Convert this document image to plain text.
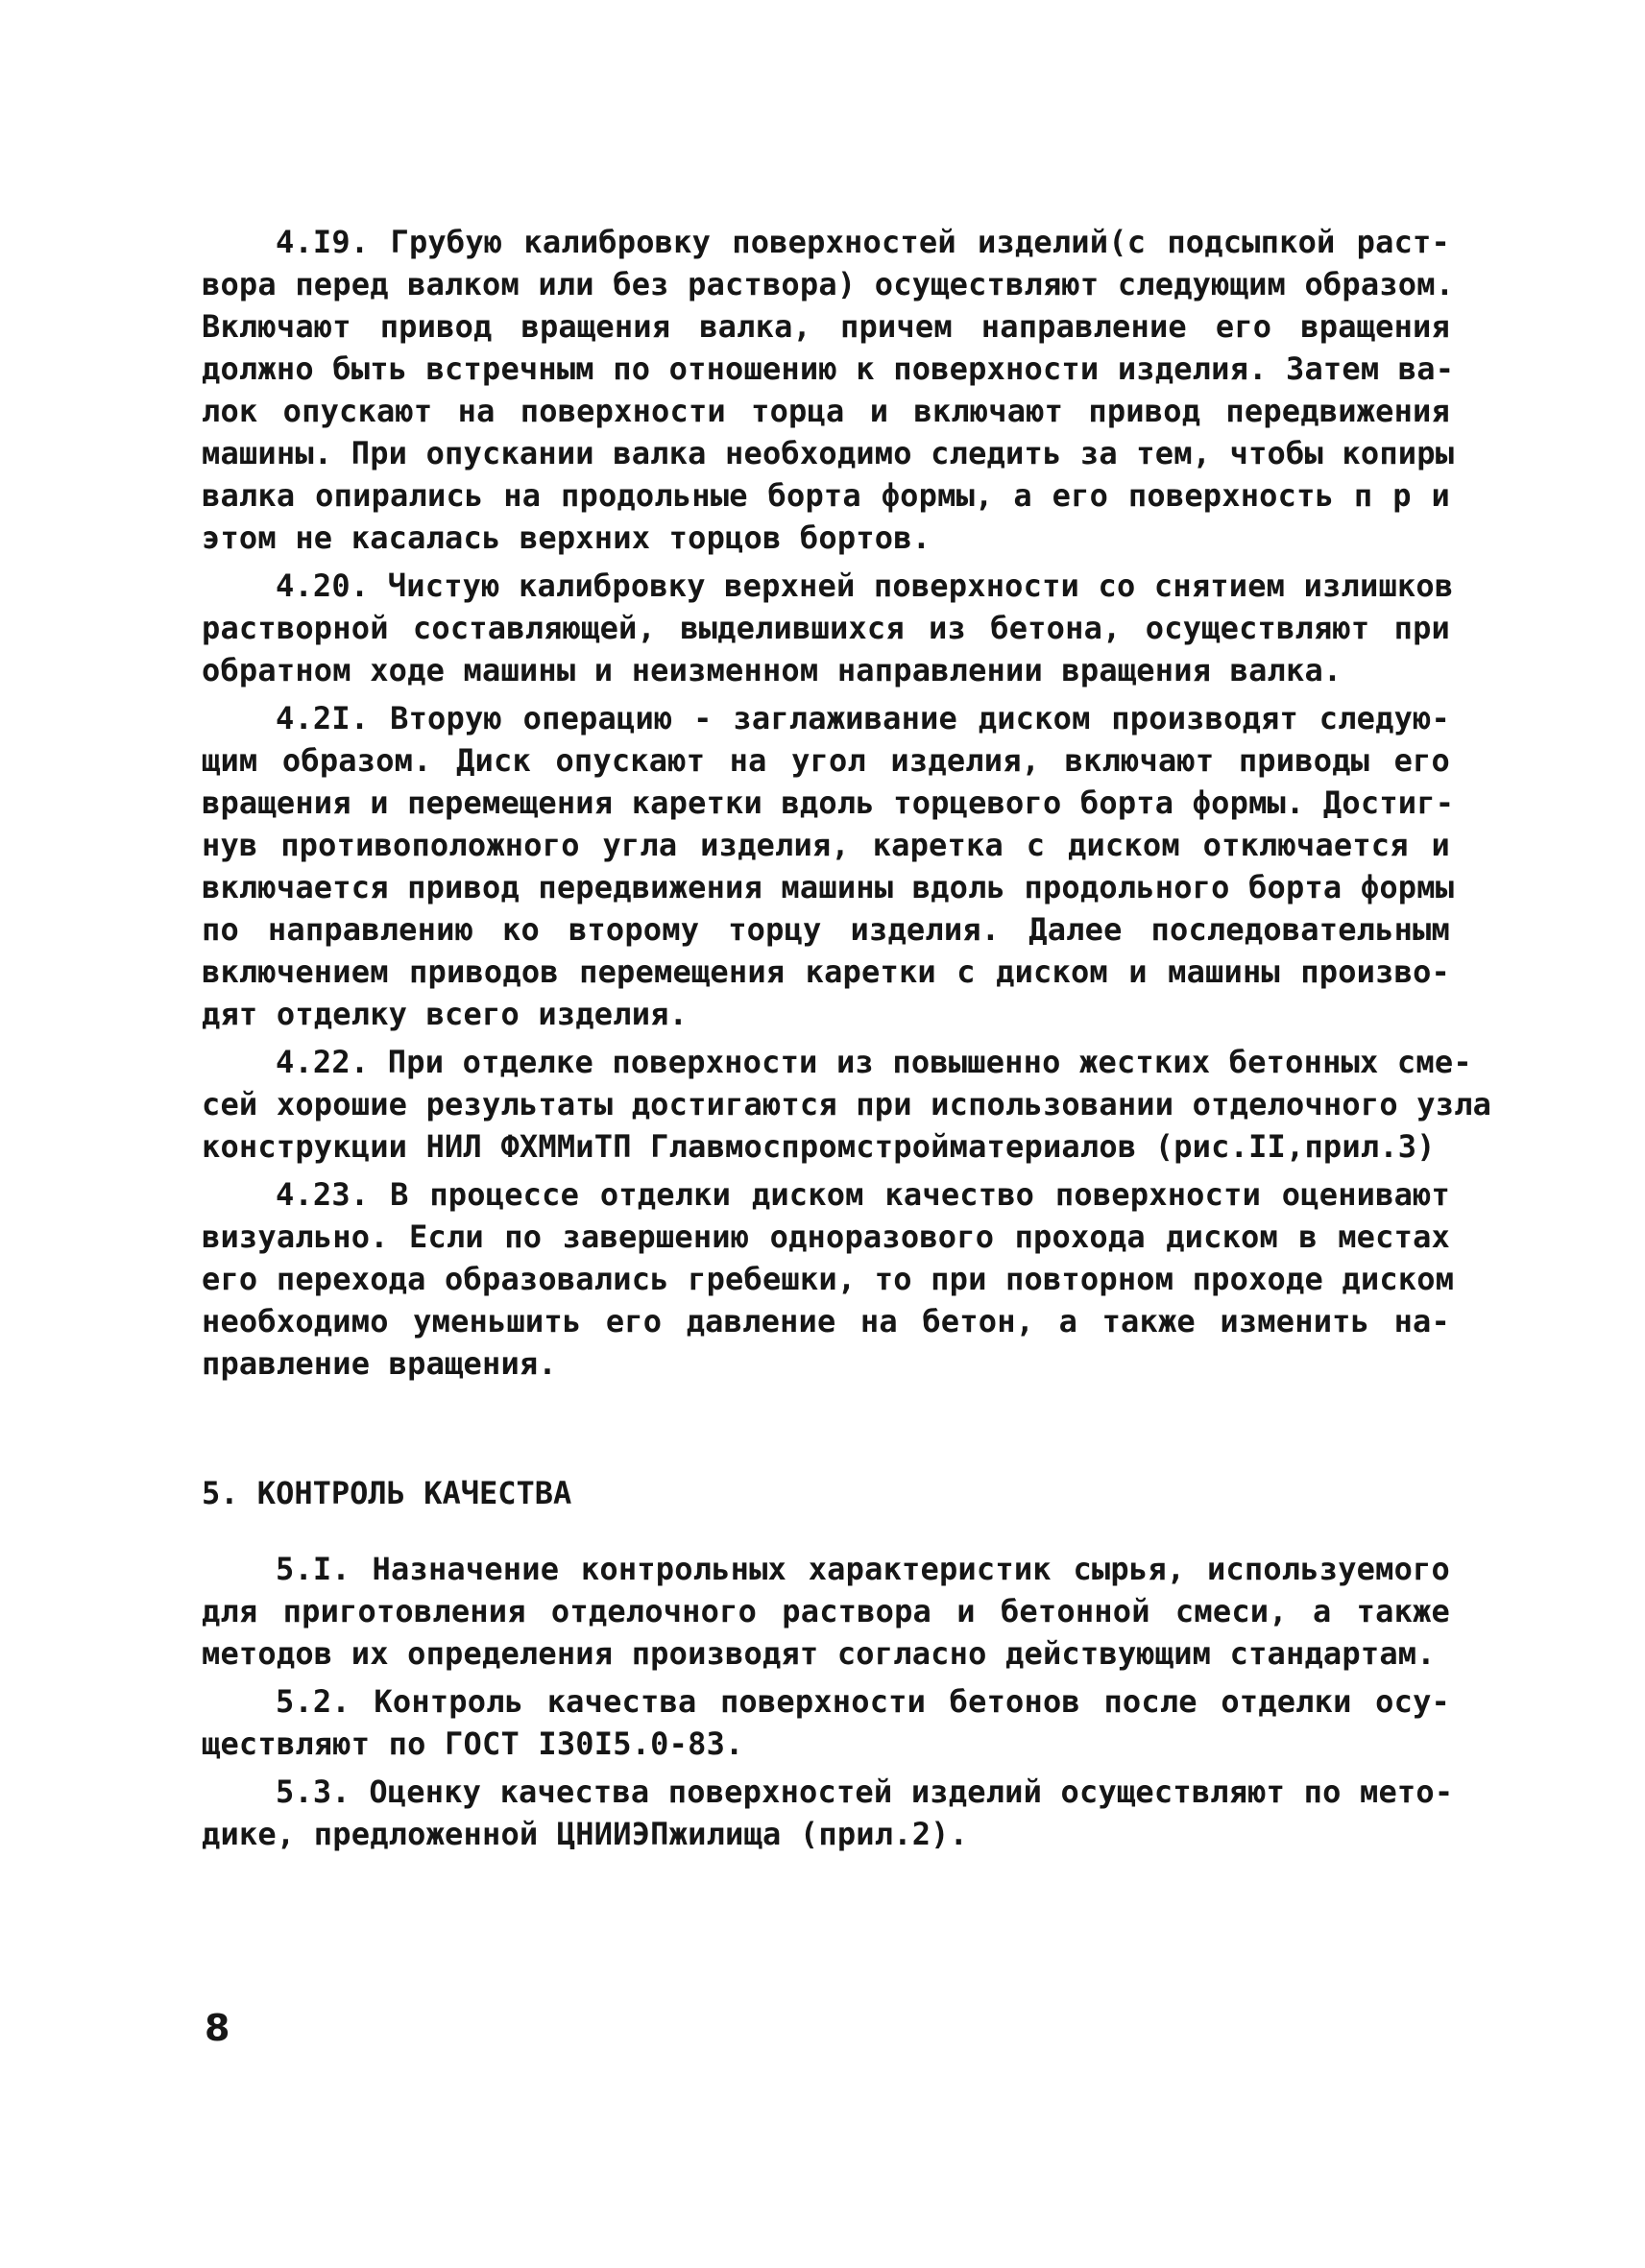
4.I9. Грубую калибровку поверхностей изделий(с подсыпкой раст-
вора перед валком или без раствора) осуществляют следующим образом.
Включают привод вращения валка, причем направление его вращения
должно быть встречным по отношению к поверхности изделия. Затем ва-
лок опускают на поверхности торца и включают привод передвижения
машины. При опускании валка необходимо следить за тем, чтобы копиры
валка опирались на продольные борта формы, а его поверхность п р и
этом не касалась верхних торцов бортов.
4.20. Чистую калибровку верхней поверхности со снятием излишков
растворной составляющей, выделившихся из бетона, осуществляют при
обратном ходе машины и неизменном направлении вращения валка.
4.2I. Вторую операцию - заглаживание диском производят следую-
щим образом. Диск опускают на угол изделия, включают приводы его
вращения и перемещения каретки вдоль торцевого борта формы. Достиг-
нув противоположного угла изделия, каретка с диском отключается и
включается привод передвижения машины вдоль продольного борта формы
по направлению ко второму торцу изделия. Далее последовательным
включением приводов перемещения каретки с диском и машины произво-
дят отделку всего изделия.
4.22. При отделке поверхности из повышенно жестких бетонных сме-
сей хорошие результаты достигаются при использовании отделочного узла
конструкции НИЛ ФХММиТП Главмоспромстройматериалов (рис.II,прил.3)
4.23. В процессе отделки диском качество поверхности оценивают
визуально. Если по завершению одноразового прохода диском в местах
его перехода образовались гребешки, то при повторном проходе диском
необходимо уменьшить его давление на бетон, а также изменить на-
правление вращения.
5. КОНТРОЛЬ КАЧЕСТВА
5.I. Назначение контрольных характеристик сырья, используемого
для приготовления отделочного раствора и бетонной смеси, а также
методов их определения производят согласно действующим стандартам.
5.2. Контроль качества поверхности бетонов после отделки осу-
ществляют по ГОСТ I30I5.0-83.
5.3. Оценку качества поверхностей изделий осуществляют по мето-
дике, предложенной ЦНИИЭПжилища (прил.2).
8
